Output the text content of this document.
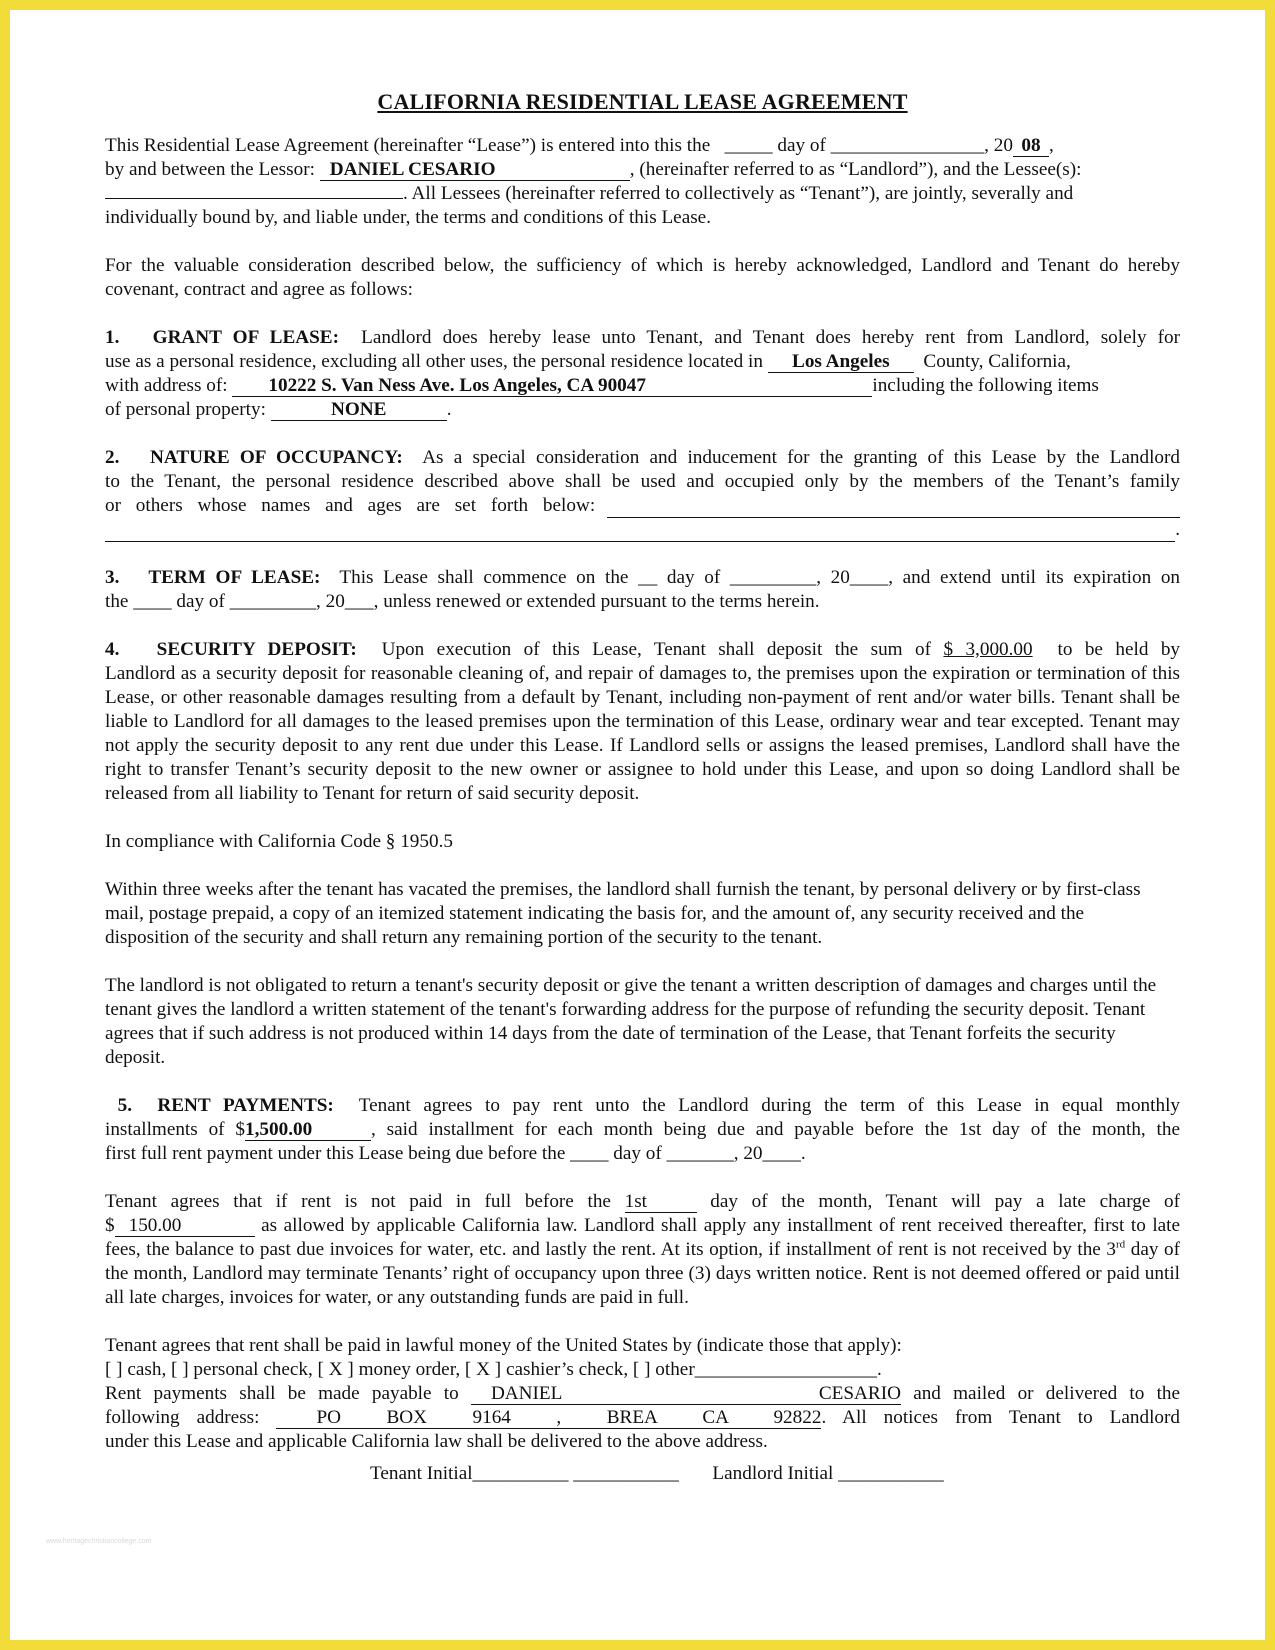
CALIFORNIA RESIDENTIAL LEASE AGREEMENT

This Residential Lease Agreement (hereinafter “Lease”) is entered into this the   _____ day of ________________, 20 08 ,
by and between the Lessor: DANIEL CESARIO	, (hereinafter referred to as “Landlord”), and the Lessee(s):
. All Lessees (hereinafter referred to collectively as “Tenant”), are jointly, severally and
individually bound by, and liable under, the terms and conditions of this Lease.

For the valuable consideration described below, the sufficiency of which is hereby acknowledged, Landlord and Tenant do hereby covenant, contract and agree as follows:

1. GRANT OF LEASE: Landlord does hereby lease unto Tenant, and Tenant does hereby rent from Landlord, solely for
use as a personal residence, excluding all other uses, the personal residence located in Los Angeles County, California,
with address of: 10222 S. Van Ness Ave. Los Angeles, CA 90047	including the following items
of personal property:	NONE	.

2. NATURE OF OCCUPANCY: As a special consideration and inducement for the granting of this Lease by the Landlord
to the Tenant, the personal residence described above shall be used and occupied only by the members of the Tenant’s family
or others whose names and ages are set forth below:
.

3. TERM OF LEASE: This Lease shall commence on the __ day of _________, 20____, and extend until its expiration on
the ____ day of _________, 20___, unless renewed or extended pursuant to the terms herein.

4. SECURITY DEPOSIT: Upon execution of this Lease, Tenant shall deposit the sum of $ 3,000.00 to be held by
Landlord as a security deposit for reasonable cleaning of, and repair of damages to, the premises upon the expiration or termination of this Lease, or other reasonable damages resulting from a default by Tenant, including non-payment of rent and/or water bills. Tenant shall be liable to Landlord for all damages to the leased premises upon the termination of this Lease, ordinary wear and tear excepted. Tenant may not apply the security deposit to any rent due under this Lease. If Landlord sells or assigns the leased premises, Landlord shall have the right to transfer Tenant’s security deposit to the new owner or assignee to hold under this Lease, and upon so doing Landlord shall be released from all liability to Tenant for return of said security deposit.

In compliance with California Code § 1950.5

Within three weeks after the tenant has vacated the premises, the landlord shall furnish the tenant, by personal delivery or by first-class mail, postage prepaid, a copy of an itemized statement indicating the basis for, and the amount of, any security received and the disposition of the security and shall return any remaining portion of the security to the tenant.

The landlord is not obligated to return a tenant's security deposit or give the tenant a written description of damages and charges until the tenant gives the landlord a written statement of the tenant's forwarding address for the purpose of refunding the security deposit. Tenant agrees that if such address is not produced within 14 days from the date of termination of the Lease, that Tenant forfeits the security deposit.

5. RENT PAYMENTS: Tenant agrees to pay rent unto the Landlord during the term of this Lease in equal monthly
installments of $1,500.00	, said installment for each month being due and payable before the 1st day of the month, the
first full rent payment under this Lease being due before the ____ day of _______, 20____.

Tenant agrees that if rent is not paid in full before the 1st	day of the month, Tenant will pay a late charge of
$ 150.00	as allowed by applicable California law. Landlord shall apply any installment of rent received thereafter, first to late fees, the balance to past due invoices for water, etc. and lastly the rent. At its option, if installment of rent is not received by the 3rd day of the month, Landlord may terminate Tenants’ right of occupancy upon three (3) days written notice. Rent is not deemed offered or paid until all late charges, invoices for water, or any outstanding funds are paid in full.

Tenant agrees that rent shall be paid in lawful money of the United States by (indicate those that apply):
[ ] cash, [ ] personal check, [ X ] money order, [ X ] cashier’s check, [ ] other___________________.
Rent payments shall be made payable to DANIEL CESARIO and mailed or delivered to the
following address:	PO BOX 9164 , BREA CA 92822. All notices from Tenant to Landlord
under this Lease and applicable California law shall be delivered to the above address.

Tenant Initial__________ ___________ Landlord Initial ___________
www.heritagechristiancollege.com
